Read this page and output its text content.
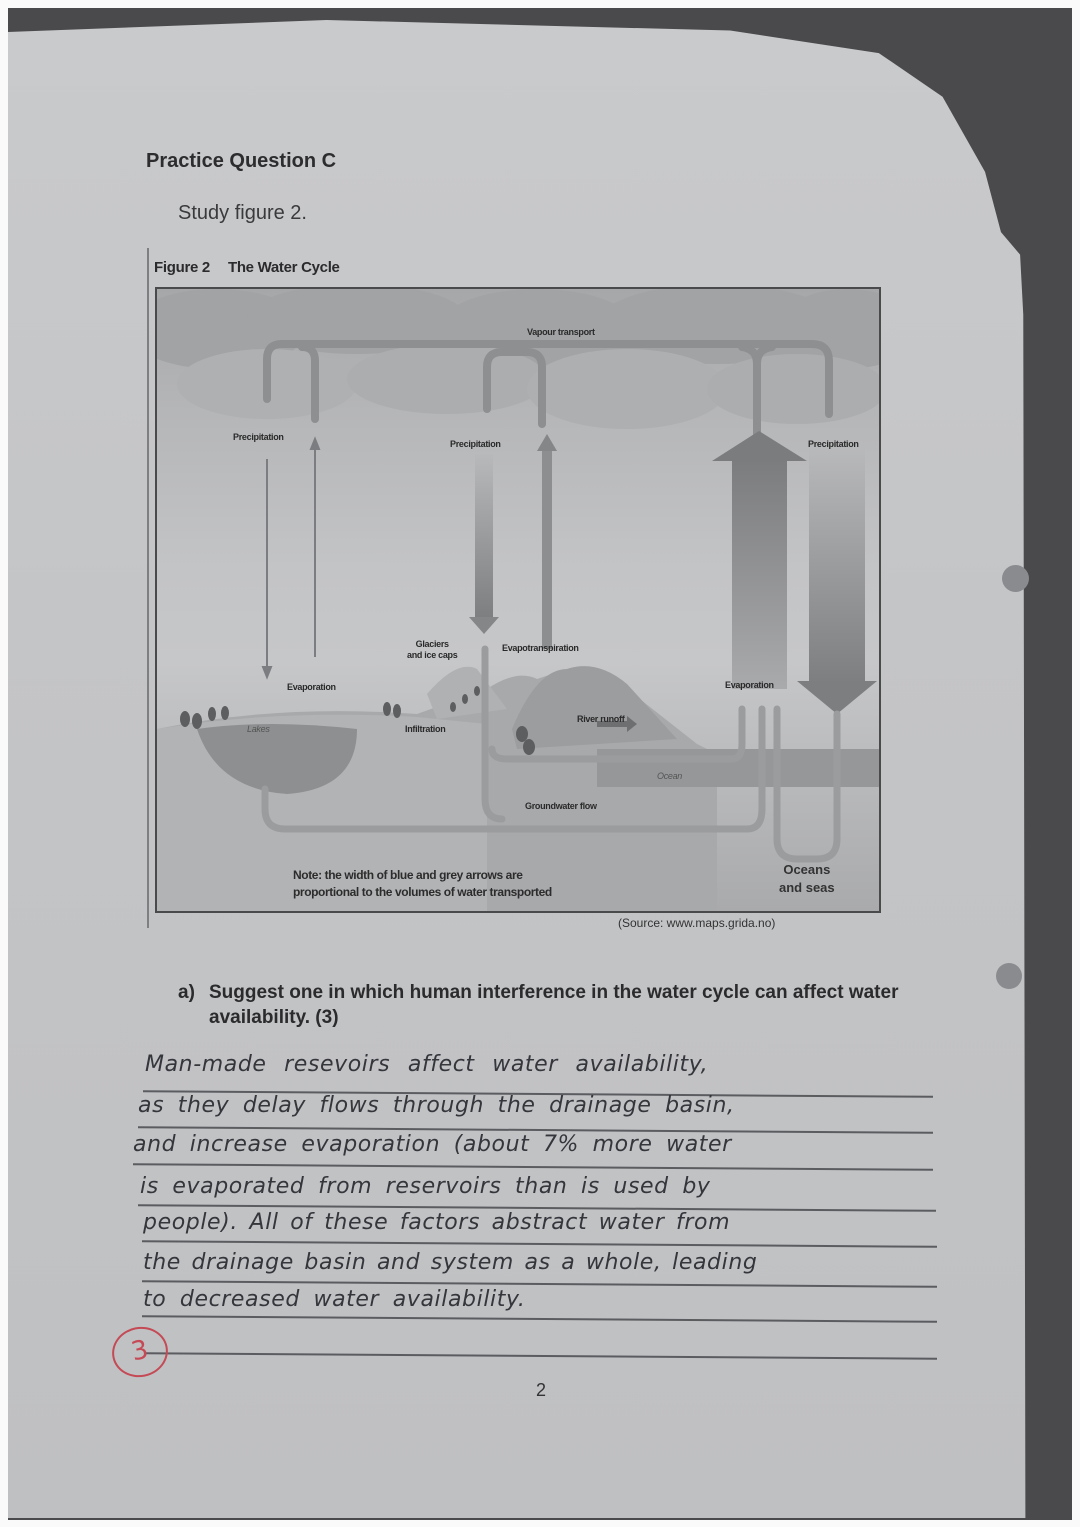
Practice Question C
Study figure 2.
Figure 2 The Water Cycle
Vapour transport
Precipitation
Precipitation	Precipitation
Glaciers
and ice caps
Evapotranspiration
Evaporation	Evaporation
Lakes	Infiltration
River runoff
Ocean
Groundwater flow
Note: the width of blue and grey arrows are
proportional to the volumes of water transported
Oceans
and seas
(Source: www.maps.grida.no)
a) Suggest one in which human interference in the water cycle can affect water availability. (3)
Man-made resevoirs affect water availability,
as they delay flows through the drainage basin,
and increase evaporation (about 7% more water
is evaporated from reservoirs than is used by
people). All of these factors abstract water from
the drainage basin and system as a whole, leading
to decreased water availability.
3
2
